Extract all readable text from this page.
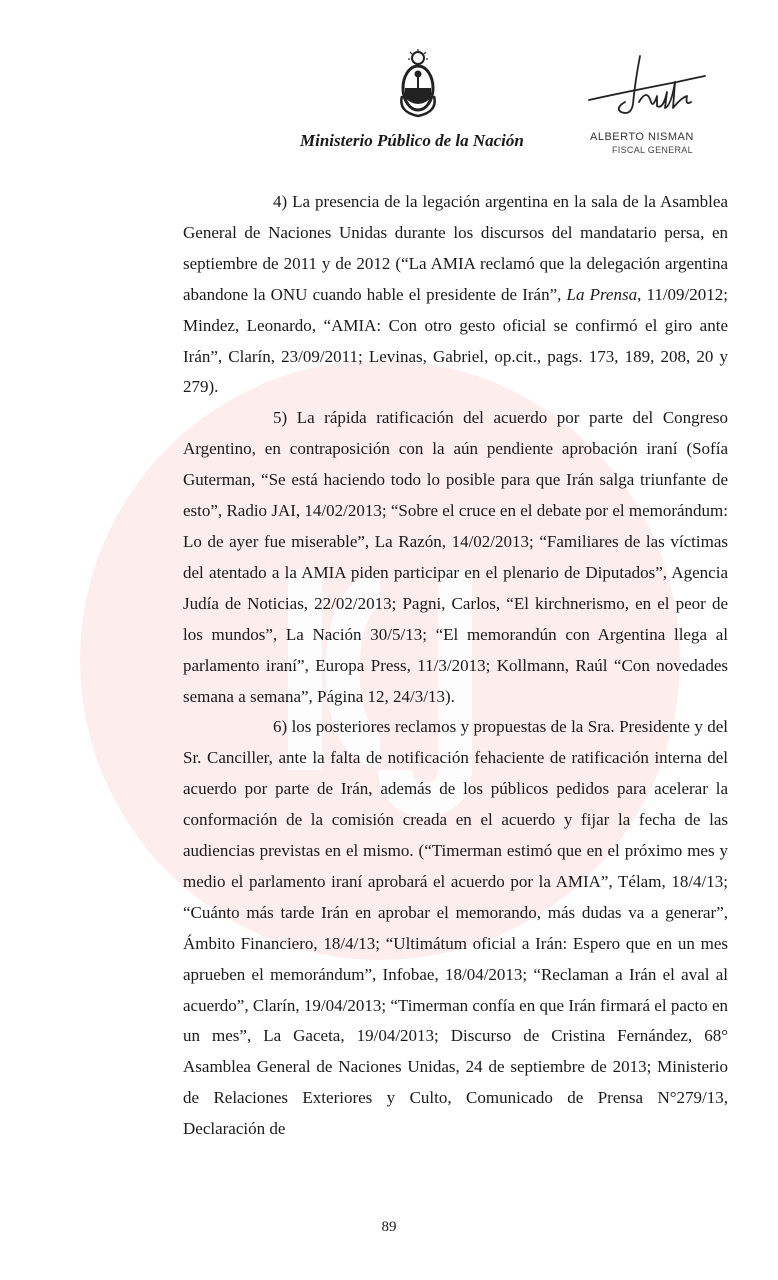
Ministerio Público de la Nación	ALBERTO NISMAN
FISCAL GENERAL

4) La presencia de la legación argentina en la sala de la Asamblea General de Naciones Unidas durante los discursos del mandatario persa, en septiembre de 2011 y de 2012 (“La AMIA reclamó que la delegación argentina abandone la ONU cuando hable el presidente de Irán”, La Prensa, 11/09/2012; Mindez, Leonardo, “AMIA: Con otro gesto oficial se confirmó el giro ante Irán”, Clarín, 23/09/2011; Levinas, Gabriel, op.cit., pags. 173, 189, 208, 20 y 279).

5) La rápida ratificación del acuerdo por parte del Congreso Argentino, en contraposición con la aún pendiente aprobación iraní (Sofía Guterman, “Se está haciendo todo lo posible para que Irán salga triunfante de esto”, Radio JAI, 14/02/2013; “Sobre el cruce en el debate por el memorándum: Lo de ayer fue miserable”, La Razón, 14/02/2013; “Familiares de las víctimas del atentado a la AMIA piden participar en el plenario de Diputados”, Agencia Judía de Noticias, 22/02/2013; Pagni, Carlos, “El kirchnerismo, en el peor de los mundos”, La Nación 30/5/13; “El memorandún con Argentina llega al parlamento iraní”, Europa Press, 11/3/2013; Kollmann, Raúl “Con novedades semana a semana”, Página 12, 24/3/13).

6) los posteriores reclamos y propuestas de la Sra. Presidente y del Sr. Canciller, ante la falta de notificación fehaciente de ratificación interna del acuerdo por parte de Irán, además de los públicos pedidos para acelerar la conformación de la comisión creada en el acuerdo y fijar la fecha de las audiencias previstas en el mismo. (“Timerman estimó que en el próximo mes y medio el parlamento iraní aprobará el acuerdo por la AMIA”, Télam, 18/4/13; “Cuánto más tarde Irán en aprobar el memorando, más dudas va a generar”, Ámbito Financiero, 18/4/13; “Ultimátum oficial a Irán: Espero que en un mes aprueben el memorándum”, Infobae, 18/04/2013; “Reclaman a Irán el aval al acuerdo”, Clarín, 19/04/2013; “Timerman confía en que Irán firmará el pacto en un mes”, La Gaceta, 19/04/2013; Discurso de Cristina Fernández, 68° Asamblea General de Naciones Unidas, 24 de septiembre de 2013; Ministerio de Relaciones Exteriores y Culto, Comunicado de Prensa N°279/13, Declaración de

89
